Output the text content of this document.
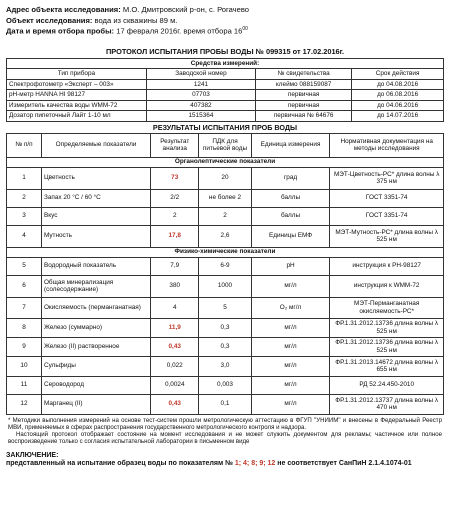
Адрес объекта исследования: М.О. Дмитровский р-он, с. Рогачево
Объект исследования: вода из скважины 89 м.
Дата и время отбора пробы: 17 февраля 2016г. время отбора $16^{00}$
ПРОТОКОЛ ИСПЫТАНИЯ ПРОБЫ ВОДЫ № 099315 от 17.02.2016г.
Средства измерений:			
Тип прибора	Заводской номер	№ свидетельства	Срок действия
Спектрофотометр «Эксперт – 003»	1241	клеймо 088159087	до 04.08.2016
pH-метр HANNA HI 98127	07703	первичная	до 06.08.2016
Измеритель качества воды WMM-72	407382	первичная	до 04.06.2016
Дозатор пипеточный Лайт 1-10 мл	1515364	первичная № 64676	до 14.07.2016
РЕЗУЛЬТАТЫ ИСПЫТАНИЯ ПРОБ ВОДЫ
№ п/п	Определяемые показатели	Результат анализа	ПДК для питьевой воды	Единица измерения	Нормативная документация на методы исследования
Органолептические показатели					
1	Цветность	73	20	град	МЭТ-Цветность-РС* длина волны λ 375 нм
2	Запах 20 °С / 60 °С	2/2	не более 2	баллы	ГОСТ 3351-74
3	Вкус	2	2	баллы	ГОСТ 3351-74
4	Мутность	17,8	2,6	Единицы ЕМФ	МЭТ-Мутность-РС* длина волны λ 525 нм
Физико-химические показатели					
5	Водородный показатель	7,9	6-9	pH	инструкция к PH-98127
6	Общая минерализация (солесодержание)	380	1000	мг/л	инструкция к WMM-72
7	Окисляемость (перманганатная)	4	5	О₂ мг/л	МЭТ-Перманганатная окисляемость-РС*
8	Железо (суммарно)	11,9	0,3	мг/л	ФР.1.31.2012.13736 длина волны λ 525 нм
9	Железо (II) растворенное	0,43	0,3	мг/л	ФР.1.31.2012.13736 длина волны λ 525 нм
10	Сульфиды	0,022	3,0	мг/л	ФР.1.31.2013.14672 длина волны λ 655 нм
11	Сероводород	0,0024	0,003	мг/л	РД 52.24.450-2010
12	Марганец (II)	0,43	0,1	мг/л	ФР.1.31.2012.13737 длина волны λ 470 нм

* Методики выполнения измерений на основе тест-систем прошли метрологическую аттестацию в ФГУП "УНИИМ" и внесены в Федеральный Реестр МВИ, применяемых в сферах распространения государственного метрологического контроля и надзора.

Настоящий протокол отображает состояние на момент исследования и не может служить документом для рекламы; частичное или полное воспроизведение только с согласия испытательной лаборатории в письменном виде

ЗАКЛЮЧЕНИЕ:
представленный на испытание образец воды по показателям № 1; 4; 8; 9; 12 не соответствует СанПиН 2.1.4.1074-01
